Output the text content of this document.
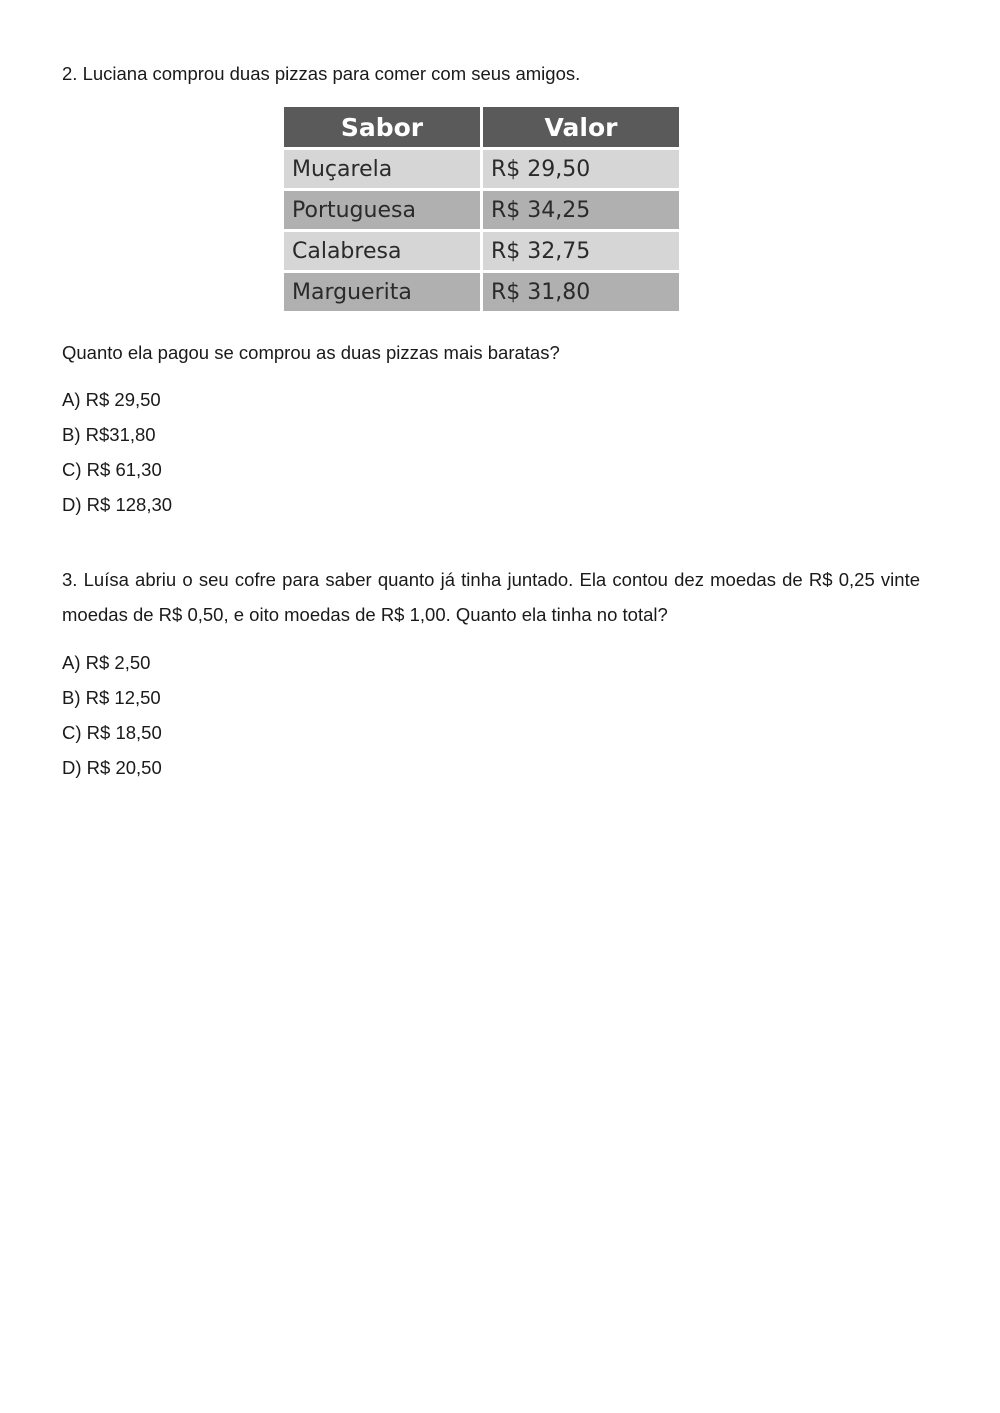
2. Luciana comprou duas pizzas para comer com seus amigos.

Sabor	Valor
Muçarela	R$ 29,50
Portuguesa	R$ 34,25
Calabresa	R$ 32,75
Marguerita	R$ 31,80

Quanto ela pagou se comprou as duas pizzas mais baratas?

A) R$ 29,50
B) R$31,80
C) R$ 61,30
D) R$ 128,30

3. Luísa abriu o seu cofre para saber quanto já tinha juntado. Ela contou dez moedas de R$ 0,25 vinte moedas de R$ 0,50, e oito moedas de R$ 1,00. Quanto ela tinha no total?

A) R$ 2,50
B) R$ 12,50
C) R$ 18,50
D) R$ 20,50
